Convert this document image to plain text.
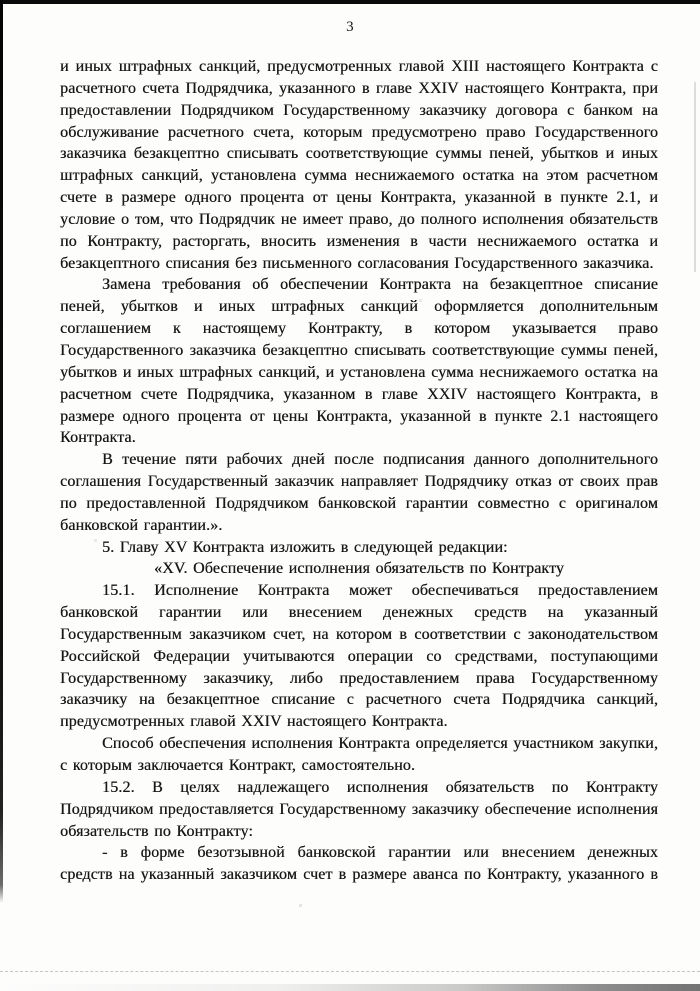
3

и иных штрафных санкций, предусмотренных главой XIII настоящего Контракта с расчетного счета Подрядчика, указанного в главе XXIV настоящего Контракта, при предоставлении Подрядчиком Государственному заказчику договора с банком на обслуживание расчетного счета, которым предусмотрено право Государственного заказчика безакцептно списывать соответствующие суммы пеней, убытков и иных штрафных санкций, установлена сумма неснижаемого остатка на этом расчетном счете в размере одного процента от цены Контракта, указанной в пункте 2.1, и условие о том, что Подрядчик не имеет право, до полного исполнения обязательств по Контракту, расторгать, вносить изменения в части неснижаемого остатка и безакцептного списания без письменного согласования Государственного заказчика.

Замена требования об обеспечении Контракта на безакцептное списание пеней, убытков и иных штрафных санкций оформляется дополнительным соглашением к настоящему Контракту, в котором указывается право Государственного заказчика безакцептно списывать соответствующие суммы пеней, убытков и иных штрафных санкций, и установлена сумма неснижаемого остатка на расчетном счете Подрядчика, указанном в главе XXIV настоящего Контракта, в размере одного процента от цены Контракта, указанной в пункте 2.1 настоящего Контракта.

В течение пяти рабочих дней после подписания данного дополнительного соглашения Государственный заказчик направляет Подрядчику отказ от своих прав по предоставленной Подрядчиком банковской гарантии совместно с оригиналом банковской гарантии.».

5. Главу XV Контракта изложить в следующей редакции:

«XV. Обеспечение исполнения обязательств по Контракту

15.1. Исполнение Контракта может обеспечиваться предоставлением банковской гарантии или внесением денежных средств на указанный Государственным заказчиком счет, на котором в соответствии с законодательством Российской Федерации учитываются операции со средствами, поступающими Государственному заказчику, либо предоставлением права Государственному заказчику на безакцептное списание с расчетного счета Подрядчика санкций, предусмотренных главой XXIV настоящего Контракта.

Способ обеспечения исполнения Контракта определяется участником закупки, с которым заключается Контракт, самостоятельно.

15.2. В целях надлежащего исполнения обязательств по Контракту Подрядчиком предоставляется Государственному заказчику обеспечение исполнения обязательств по Контракту:

- в форме безотзывной банковской гарантии или внесением денежных средств на указанный заказчиком счет в размере аванса по Контракту, указанного в
